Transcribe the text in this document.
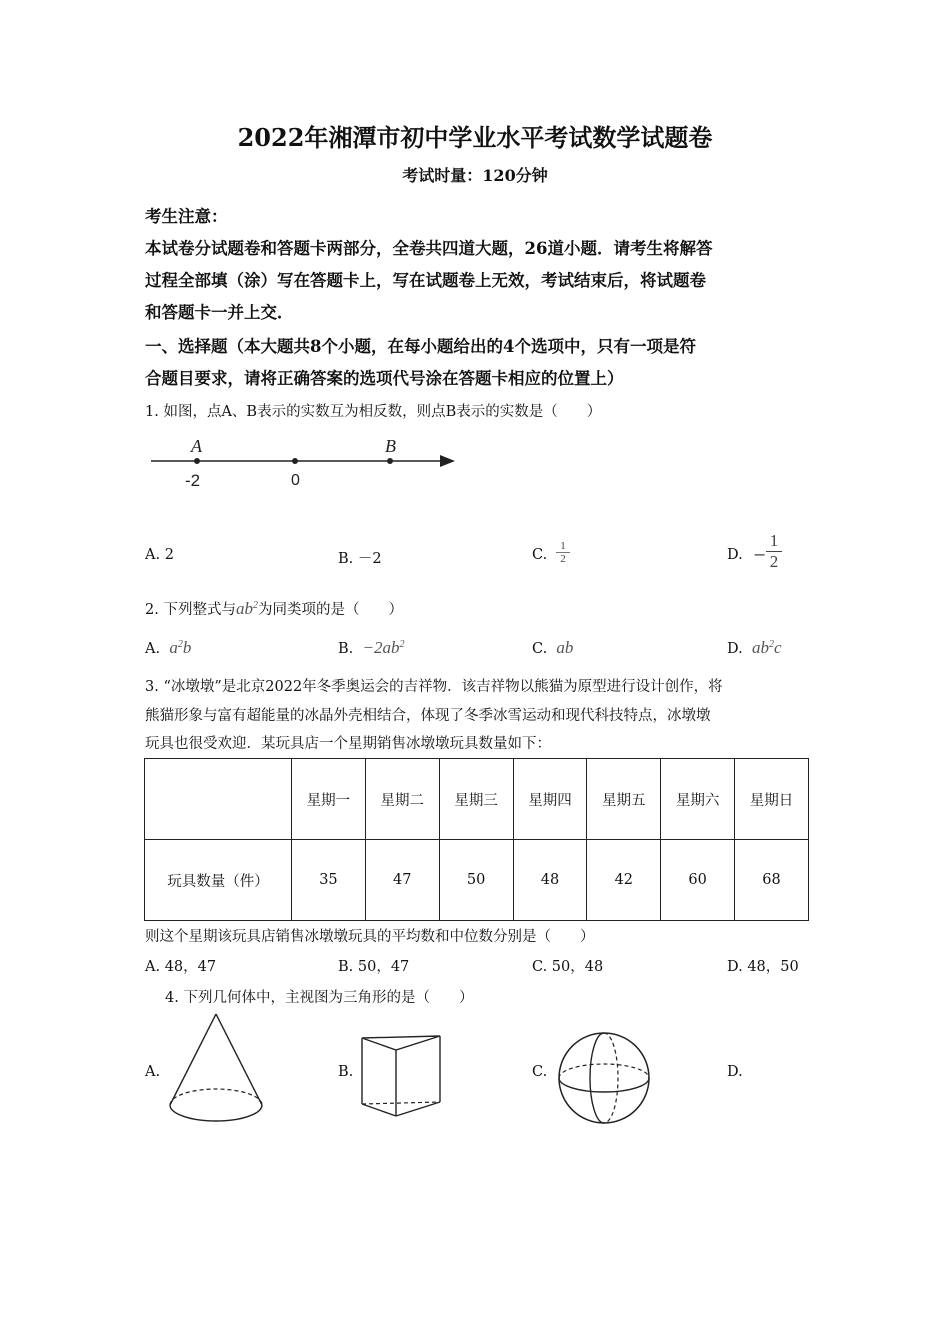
2022年湘潭市初中学业水平考试数学试题卷
考试时量：120分钟
考生注意：
本试卷分试题卷和答题卡两部分，全卷共四道大题，26道小题．请考生将解答
过程全部填（涂）写在答题卡上，写在试题卷上无效，考试结束后，将试题卷
和答题卡一并上交．
一、选择题（本大题共8个小题，在每小题给出的4个选项中，只有一项是符
合题目要求，请将正确答案的选项代号涂在答题卡相应的位置上）
1. 如图，点A、B表示的实数互为相反数，则点B表示的实数是（　　）
A	B
-2	0
A. 2	B. －2	C. $\frac{1}{2}$	D. − $\frac{1}{2}$
2. 下列整式与$ab^2$为同类项的是（　　）
A. $a^2b$	B. $-2ab^2$	C. ab	D. $ab^2c$
3. “冰墩墩”是北京2022年冬季奥运会的吉祥物．该吉祥物以熊猫为原型进行设计创作，将
熊猫形象与富有超能量的冰晶外壳相结合，体现了冬季冰雪运动和现代科技特点，冰墩墩
玩具也很受欢迎．某玩具店一个星期销售冰墩墩玩具数量如下：
	星期一	星期二	星期三	星期四	星期五	星期六	星期日
玩具数量（件）	35	47	50	48	42	60	68
则这个星期该玩具店销售冰墩墩玩具的平均数和中位数分别是（　　）
A. 48，47	B. 50，47	C. 50，48	D. 48，50
4. 下列几何体中，主视图为三角形的是（　　）
A.	B.	C.	D.
